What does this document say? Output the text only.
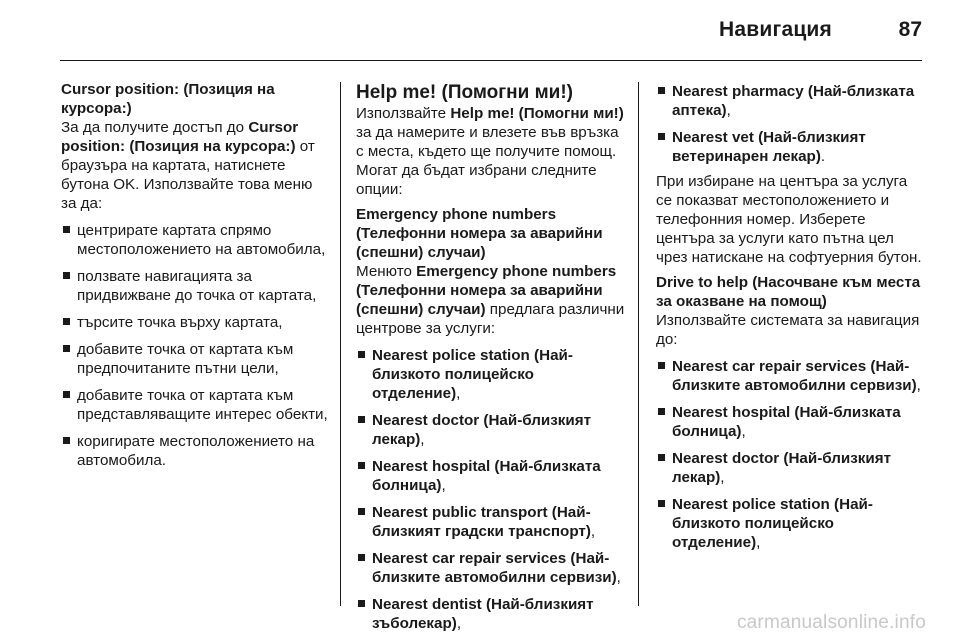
Навигация	87

Cursor position: (Позиция на курсора:)

За да получите достъп до Cursor position: (Позиция на курсора:) от браузъра на картата, натиснете бутона OK. Използвайте това меню за да:

центрирате картата спрямо местоположението на автомобила,
ползвате навигацията за придвижване до точка от картата,
търсите точка върху картата,
добавите точка от картата към предпочитаните пътни цели,
добавите точка от картата към представляващите интерес обекти,
коригирате местоположението на автомобила.

Help me! (Помогни ми!)

Използвайте Help me! (Помогни ми!) за да намерите и влезете във връзка с места, където ще получите помощ. Могат да бъдат избрани следните опции:

Emergency phone numbers (Телефонни номера за аварийни (спешни) случаи)

Менюто Emergency phone numbers (Телефонни номера за аварийни (спешни) случаи) предлага различни центрове за услуги:

Nearest police station (Най-близкото полицейско отделение),
Nearest doctor (Най-близкият лекар),
Nearest hospital (Най-близката болница),
Nearest public transport (Най-близкият градски транспорт),
Nearest car repair services (Най-близките автомобилни сервизи),
Nearest dentist (Най-близкият зъболекар),
Nearest pharmacy (Най-близката аптека),
Nearest vet (Най-близкият ветеринарен лекар).

При избиране на центъра за услуга се показват местоположението и телефонния номер. Изберете центъра за услуги като пътна цел чрез натискане на софтуерния бутон.

Drive to help (Насочване към места за оказване на помощ)

Използвайте системата за навигация до:

Nearest car repair services (Най-близките автомобилни сервизи),
Nearest hospital (Най-близката болница),
Nearest doctor (Най-близкият лекар),
Nearest police station (Най-близкото полицейско отделение),
carmanualsonline.info
